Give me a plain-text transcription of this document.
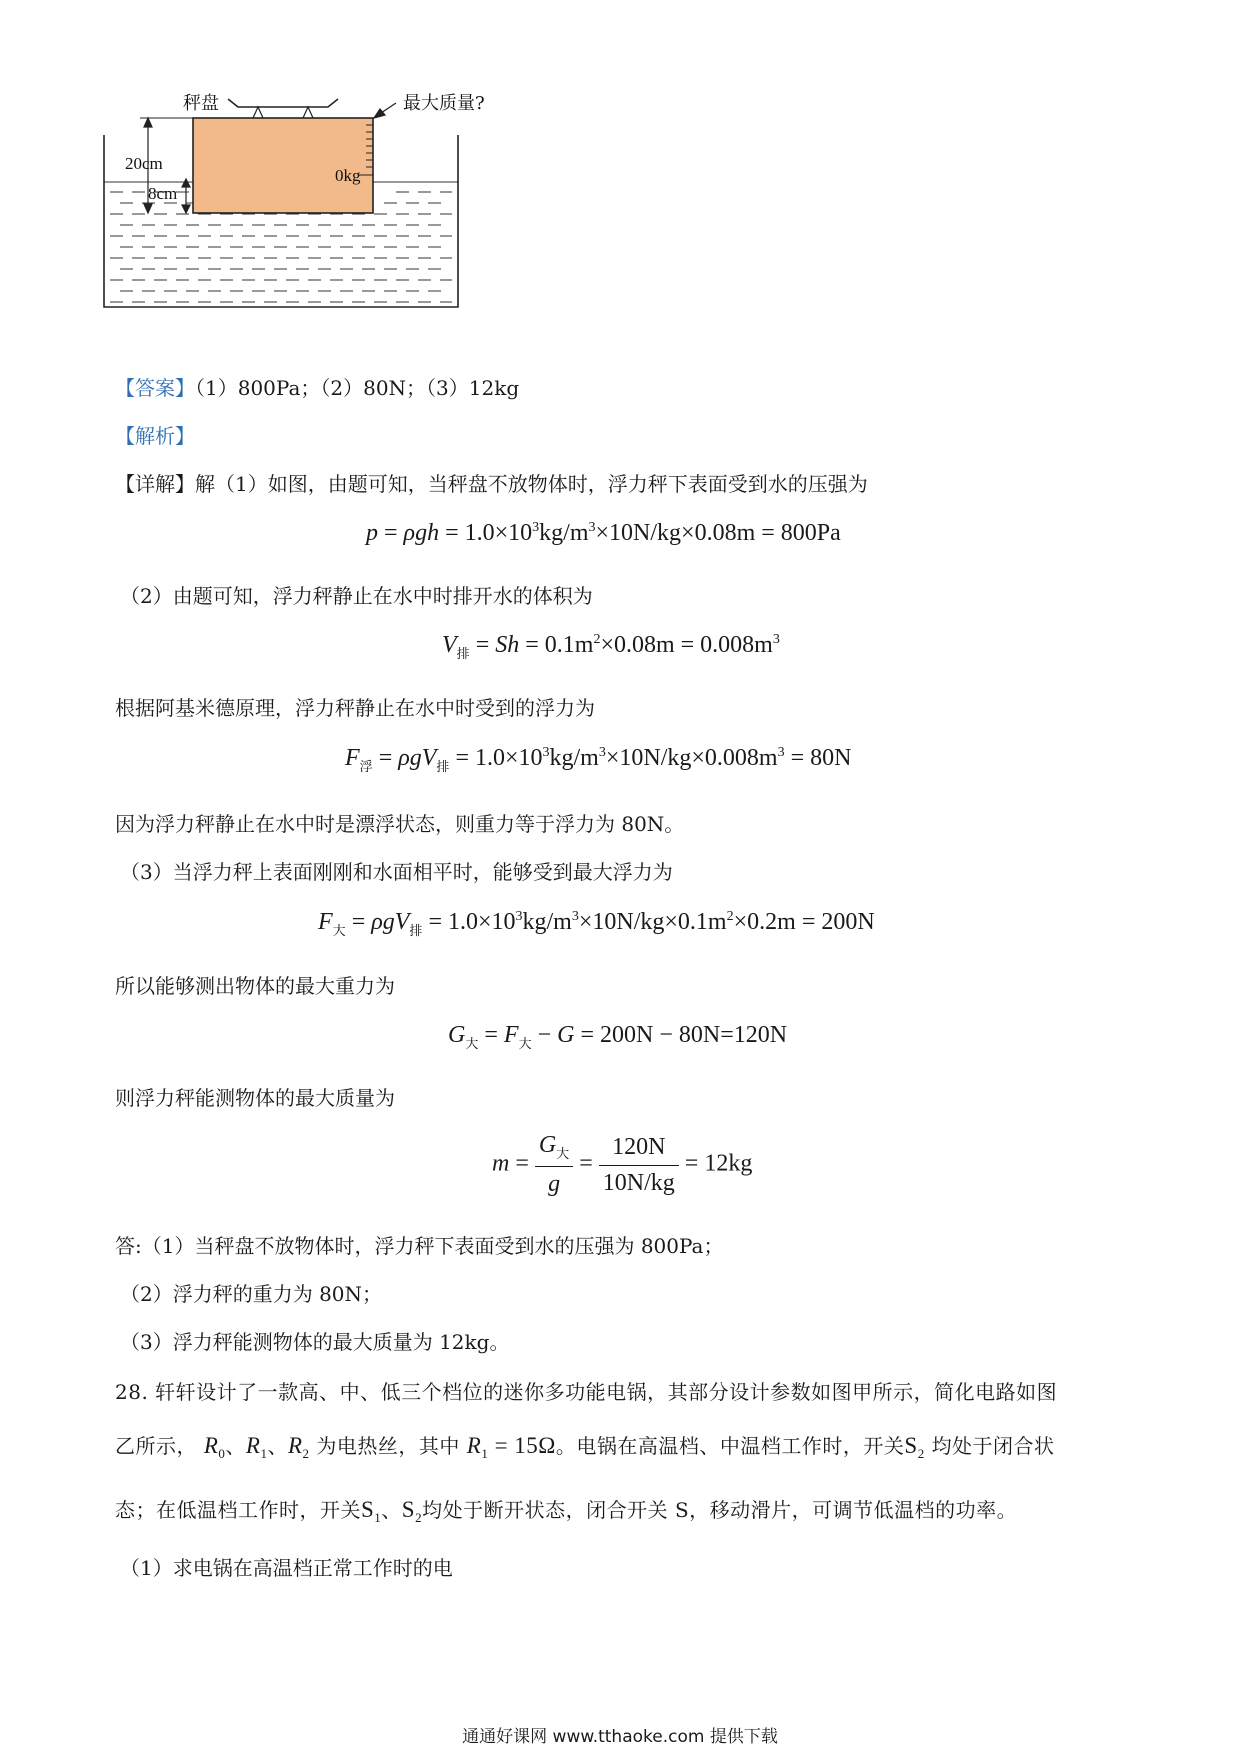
秤盘	最大质量?
20cm
8cm
0kg
【答案】（1）800Pa；（2）80N；（3）12kg
【解析】
【详解】解（1）如图，由题可知，当秤盘不放物体时，浮力秤下表面受到水的压强为
$p = \rho gh = 1.0\times 10^3kg/m^3\times 10N/kg\times 0.08m = 800Pa$
（2）由题可知，浮力秤静止在水中时排开水的体积为
$V_排 = Sh = 0.1m^2\times 0.08m = 0.008m^3$
根据阿基米德原理，浮力秤静止在水中时受到的浮力为
$F_浮 = \rho gV_排 = 1.0\times 10^3kg/m^3\times 10N/kg\times 0.008m^3 = 80N$
因为浮力秤静止在水中时是漂浮状态，则重力等于浮力为 80N。
（3）当浮力秤上表面刚刚和水面相平时，能够受到最大浮力为
$F_大 = \rho gV_排 = 1.0\times 10^3kg/m^3\times 10N/kg\times 0.1m^2\times 0.2m = 200N$
所以能够测出物体的最大重力为
$G_大 = F_大 - G = 200N - 80N=120N$
则浮力秤能测物体的最大质量为
$m = \frac{G_大}{g} = \frac{120N}{10N/kg} = 12kg$
答:（1）当秤盘不放物体时，浮力秤下表面受到水的压强为 800Pa；
（2）浮力秤的重力为 80N；
（3）浮力秤能测物体的最大质量为 12kg。
28. 轩轩设计了一款高、中、低三个档位的迷你多功能电锅，其部分设计参数如图甲所示，简化电路如图
乙所示， $R_0$、$R_1$、$R_2$ 为电热丝，其中 $R_1 = 15\Omega$。电锅在高温档、中温档工作时，开关$S_2$ 均处于闭合状
态；在低温档工作时，开关$S_1$、$S_2$均处于断开状态，闭合开关 S，移动滑片，可调节低温档的功率。
（1）求电锅在高温档正常工作时的电
通通好课网 www.tthaoke.com 提供下载
